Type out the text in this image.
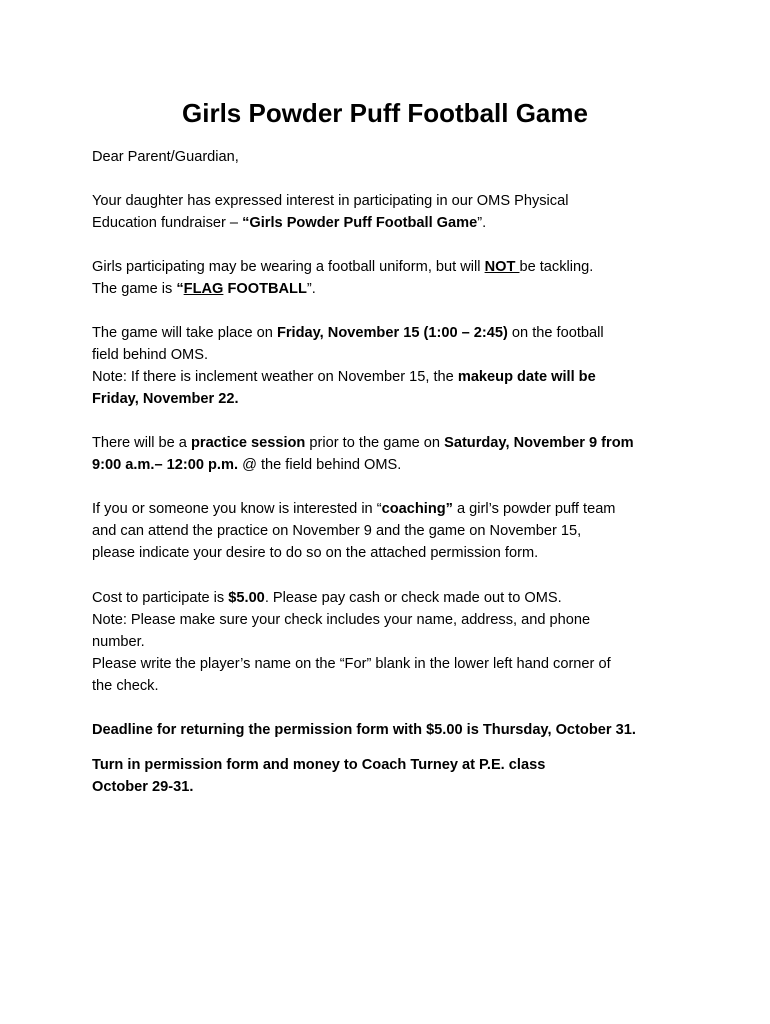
Girls Powder Puff Football Game
Dear Parent/Guardian,
Your daughter has expressed interest in participating in our OMS Physical
Education fundraiser – “Girls Powder Puff Football Game”.
Girls participating may be wearing a football uniform, but will NOT be tackling.
The game is “FLAG FOOTBALL”.
The game will take place on Friday, November 15 (1:00 – 2:45) on the football
field behind OMS.
Note: If there is inclement weather on November 15, the makeup date will be
Friday, November 22.
There will be a practice session prior to the game on Saturday, November 9 from
9:00 a.m.– 12:00 p.m. @ the field behind OMS.
If you or someone you know is interested in “coaching” a girl’s powder puff team
and can attend the practice on November 9 and the game on November 15,
please indicate your desire to do so on the attached permission form.
Cost to participate is $5.00. Please pay cash or check made out to OMS.
Note: Please make sure your check includes your name, address, and phone
number.
Please write the player’s name on the “For” blank in the lower left hand corner of
the check.
Deadline for returning the permission form with $5.00 is Thursday, October 31.
Turn in permission form and money to Coach Turney at P.E. class
October 29-31.
